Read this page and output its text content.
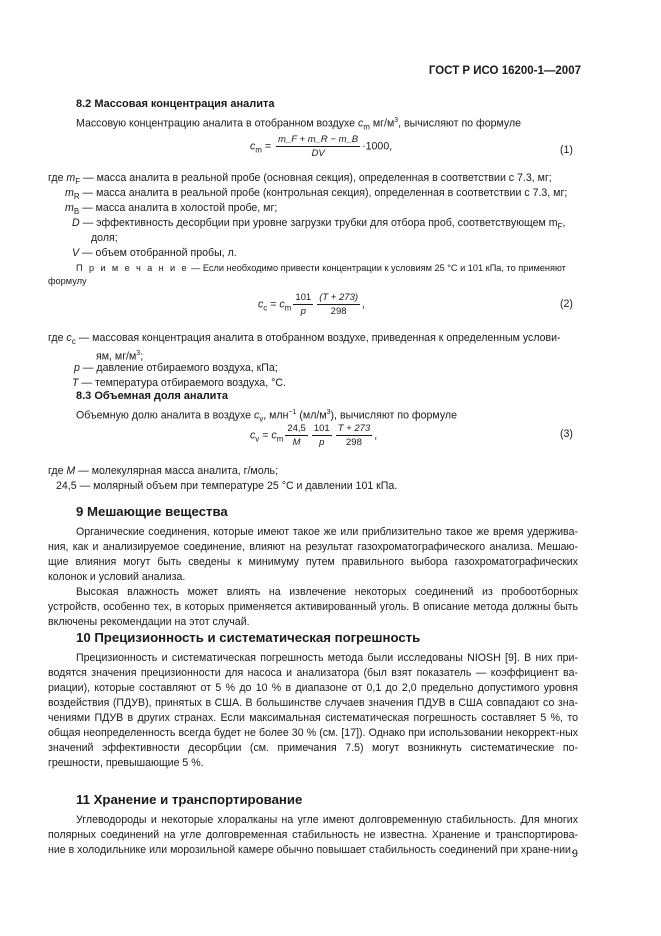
ГОСТ Р ИСО 16200-1—2007
8.2 Массовая концентрация аналита
Массовую концентрацию аналита в отобранном воздухе $c_m$ $мг/м^3$, вычисляют по формуле
$c_m = \frac{m\_F + m\_R - m\_B}{DV} \cdot 1000$,	(1)
где $m_F$ — масса аналита в реальной пробе (основная секция), определенная в соответствии с 7.3, мг;
$m_R$ — масса аналита в реальной пробе (контрольная секция), определенная в соответствии с 7.3, мг;
$m_B$ — масса аналита в холостой пробе, мг;
D — эффективность десорбции при уровне загрузки трубки для отбора проб, соответствующем $m_F$,
доля;
V — объем отобранной пробы, л.
П р и м е ч а н и е — Если необходимо привести концентрации к условиям 25 °С и 101 кПа, то применяют
формулу
$c_c = c_m \frac{101}{p} \frac{(T + 273)}{298}$ ,	(2)
где $c_c$ — массовая концентрация аналита в отобранном воздухе, приведенная к определенным услови-
ям, $мг/м^3$;
p — давление отбираемого воздуха, кПа;
T — температура отбираемого воздуха, °С.
8.3 Объемная доля аналита
Объемную долю аналита в воздухе $c_v$, млн$^{-1}$ $(мл/м^3)$, вычисляют по формуле
$c_v = c_m \frac{24,5}{M} \frac{101}{p} \frac{T + 273}{298}$ ,	(3)
где M — молекулярная масса аналита, г/моль;
24,5 — молярный объем при температуре 25 °С и давлении 101 кПа.
9 Мешающие вещества
Органические соединения, которые имеют такое же или приблизительно такое же время удержива-ния, как и анализируемое соединение, влияют на результат газохроматографического анализа. Мешаю-щие влияния могут быть сведены к минимуму путем правильного выбора газохроматографических колонок и условий анализа.
Высокая влажность может влиять на извлечение некоторых соединений из пробоотборных устройств, особенно тех, в которых применяется активированный уголь. В описание метода должны быть включены рекомендации на этот случай.
10 Прецизионность и систематическая погрешность
Прецизионность и систематическая погрешность метода были исследованы NIOSH [9]. В них при-водятся значения прецизионности для насоса и анализатора (был взят показатель — коэффициент ва-риации), которые составляют от 5 % до 10 % в диапазоне от 0,1 до 2,0 предельно допустимого уровня воздействия (ПДУВ), принятых в США. В большинстве случаев значения ПДУВ в США совпадают со зна-чениями ПДУВ в других странах. Если максимальная систематическая погрешность составляет 5 %, то общая неопределенность всегда будет не более 30 % (см. [17]). Однако при использовании некоррект-ных значений эффективности десорбции (см. примечания 7.5) могут возникнуть систематические по-грешности, превышающие 5 %.
11 Хранение и транспортирование
Углеводороды и некоторые хлоралканы на угле имеют долговременную стабильность. Для многих полярных соединений на угле долговременная стабильность не известна. Хранение и транспортирова-ние в холодильнике или морозильной камере обычно повышает стабильность соединений при хране-нии.
9
